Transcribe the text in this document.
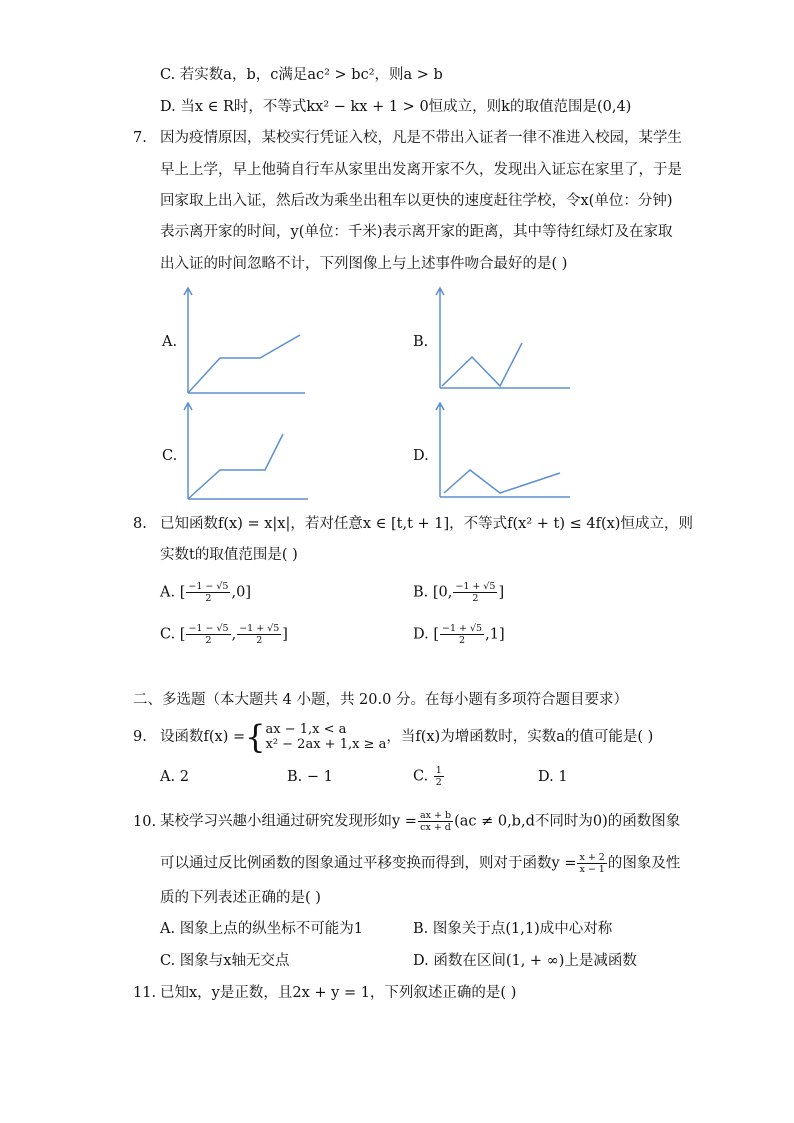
C. 若实数a，b，c满足ac² > bc²，则a > b
D. 当x ∈ R时，不等式kx² − kx + 1 > 0恒成立，则k的取值范围是(0,4)
7. 因为疫情原因，某校实行凭证入校，凡是不带出入证者一律不准进入校园，某学生
早上上学，早上他骑自行车从家里出发离开家不久，发现出入证忘在家里了，于是
回家取上出入证，然后改为乘坐出租车以更快的速度赶往学校，令x(单位：分钟)
表示离开家的时间，y(单位：千米)表示离开家的距离，其中等待红绿灯及在家取
出入证的时间忽略不计，下列图像上与上述事件吻合最好的是( )
A.	B.
C.	D.
8. 已知函数f(x) = x|x|，若对任意x ∈ [t,t + 1]，不等式f(x² + t) ≤ 4f(x)恒成立，则
实数t的取值范围是( )
A. [ $\frac{-1 - √5}{2} ,0$]	B. [0, $\frac{-1 + √5}{2}$ ]
C. [ $\frac{-1 - √5}{2}$ , $\frac{-1 + √5}{2}$ ]	D. [ $\frac{-1 + √5}{2} ,1$]
二、多选题（本大题共 4 小题，共 20.0 分。在每小题有多项符合题目要求）
9. 设函数f(x) ={ ax − 1,x < a
x² − 2ax + 1,x ≥ a ，当f(x)为增函数时，实数a的值可能是( )
A. 2	B. − 1	C. $\frac{1}{2}$	D. 1
10. 某校学习兴趣小组通过研究发现形如$y = \frac{ax + b}{cx + d} (ac \ne 0,b,d$不同时为0)的函数图象
可以通过反比例函数的图象通过平移变换而得到，则对于函数$y = \frac{x + 2}{x - 1}$ 的图象及性
质的下列表述正确的是( )
A. 图象上点的纵坐标不可能为1	B. 图象关于点(1,1)成中心对称
C. 图象与x轴无交点	D. 函数在区间(1, + ∞)上是减函数
11. 已知x，y是正数，且2x + y = 1，下列叙述正确的是( )
